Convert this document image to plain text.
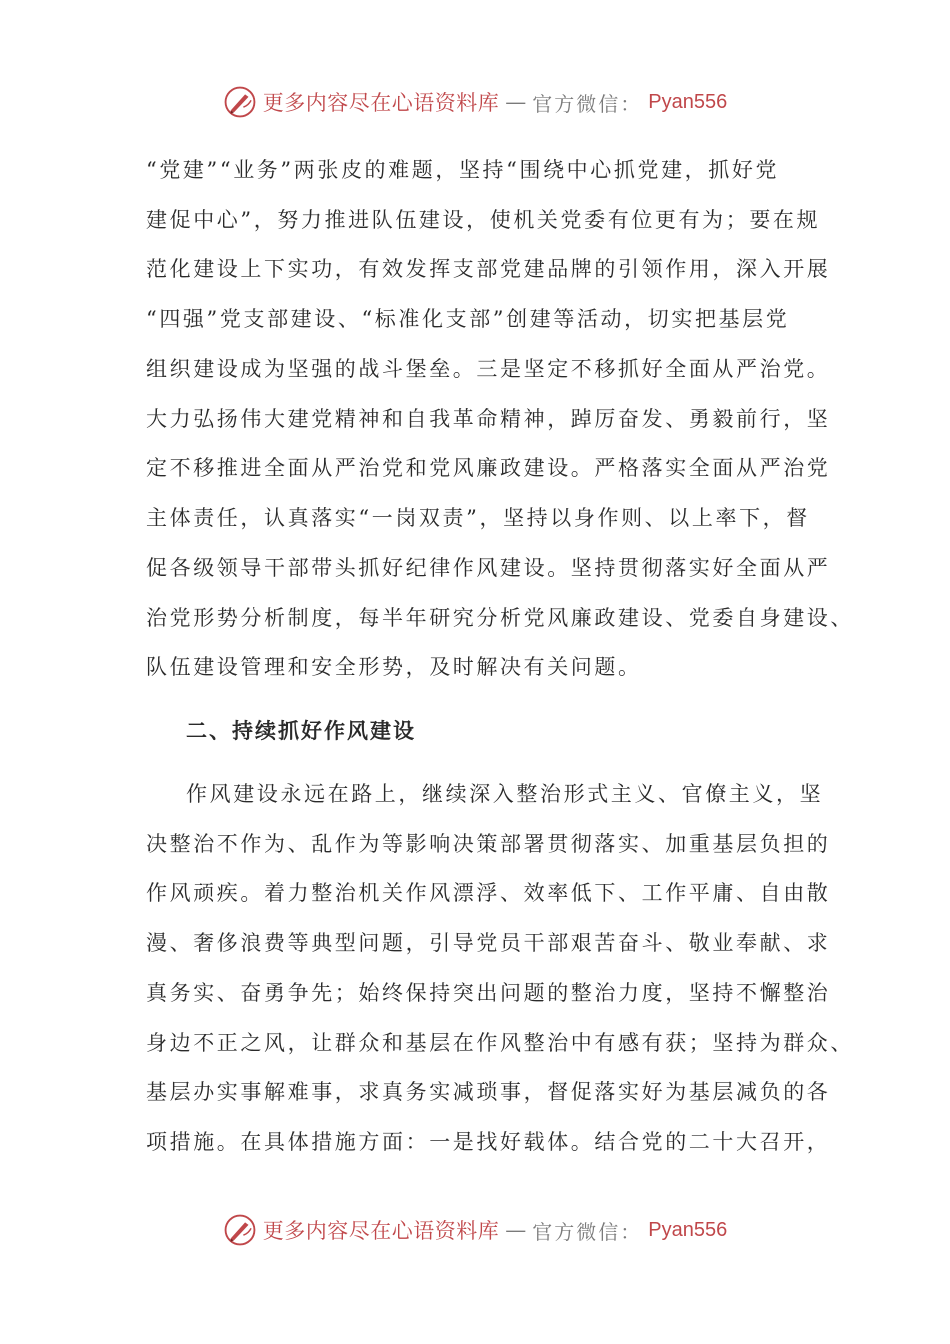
更多内容尽在心语资料库 — 官方微信： Pyan556
“党建”“业务”两张皮的难题，坚持“围绕中心抓党建，抓好党
建促中心”，努力推进队伍建设，使机关党委有位更有为；要在规
范化建设上下实功，有效发挥支部党建品牌的引领作用，深入开展
“四强”党支部建设、“标准化支部”创建等活动，切实把基层党
组织建设成为坚强的战斗堡垒。三是坚定不移抓好全面从严治党。
大力弘扬伟大建党精神和自我革命精神，踔厉奋发、勇毅前行，坚
定不移推进全面从严治党和党风廉政建设。严格落实全面从严治党
主体责任，认真落实“一岗双责”，坚持以身作则、以上率下，督
促各级领导干部带头抓好纪律作风建设。坚持贯彻落实好全面从严
治党形势分析制度，每半年研究分析党风廉政建设、党委自身建设、
队伍建设管理和安全形势，及时解决有关问题。
二、持续抓好作风建设
作风建设永远在路上，继续深入整治形式主义、官僚主义，坚
决整治不作为、乱作为等影响决策部署贯彻落实、加重基层负担的
作风顽疾。着力整治机关作风漂浮、效率低下、工作平庸、自由散
漫、奢侈浪费等典型问题，引导党员干部艰苦奋斗、敬业奉献、求
真务实、奋勇争先；始终保持突出问题的整治力度，坚持不懈整治
身边不正之风，让群众和基层在作风整治中有感有获；坚持为群众、
基层办实事解难事，求真务实减琐事，督促落实好为基层减负的各
项措施。在具体措施方面：一是找好载体。结合党的二十大召开，
更多内容尽在心语资料库 — 官方微信： Pyan556
